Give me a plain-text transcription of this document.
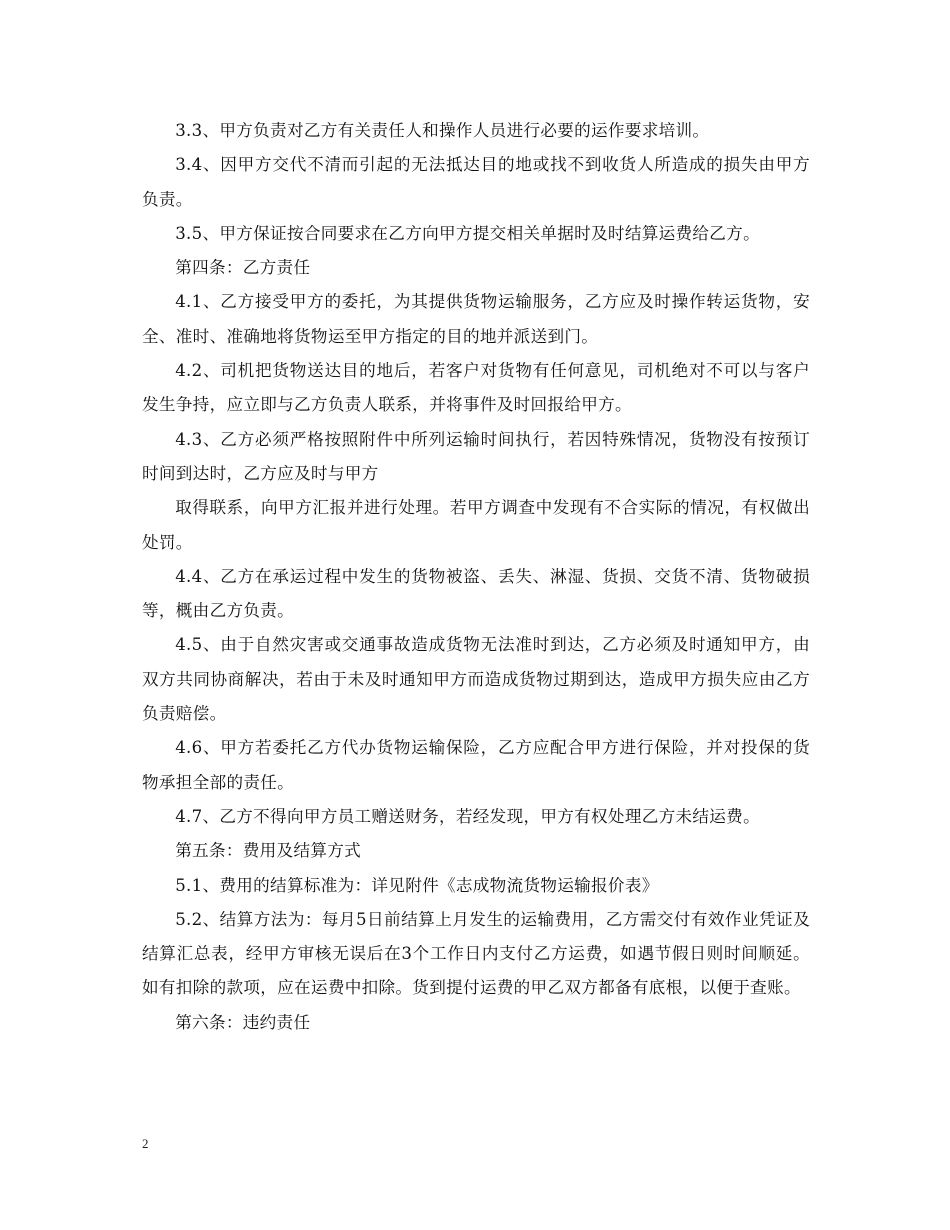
3.3、甲方负责对乙方有关责任人和操作人员进行必要的运作要求培训。

3.4、因甲方交代不清而引起的无法抵达目的地或找不到收货人所造成的损失由甲方负责。

3.5、甲方保证按合同要求在乙方向甲方提交相关单据时及时结算运费给乙方。

第四条：乙方责任

4.1、乙方接受甲方的委托，为其提供货物运输服务，乙方应及时操作转运货物，安全、准时、准确地将货物运至甲方指定的目的地并派送到门。

4.2、司机把货物送达目的地后，若客户对货物有任何意见，司机绝对不可以与客户发生争持，应立即与乙方负责人联系，并将事件及时回报给甲方。

4.3、乙方必须严格按照附件中所列运输时间执行，若因特殊情况，货物没有按预订时间到达时，乙方应及时与甲方

取得联系，向甲方汇报并进行处理。若甲方调查中发现有不合实际的情况，有权做出处罚。

4.4、乙方在承运过程中发生的货物被盗、丢失、淋湿、货损、交货不清、货物破损等，概由乙方负责。

4.5、由于自然灾害或交通事故造成货物无法准时到达，乙方必须及时通知甲方，由双方共同协商解决，若由于未及时通知甲方而造成货物过期到达，造成甲方损失应由乙方负责赔偿。

4.6、甲方若委托乙方代办货物运输保险，乙方应配合甲方进行保险，并对投保的货物承担全部的责任。

4.7、乙方不得向甲方员工赠送财务，若经发现，甲方有权处理乙方未结运费。

第五条：费用及结算方式

5.1、费用的结算标准为：详见附件《志成物流货物运输报价表》

5.2、结算方法为：每月5日前结算上月发生的运输费用，乙方需交付有效作业凭证及结算汇总表，经甲方审核无误后在3个工作日内支付乙方运费，如遇节假日则时间顺延。如有扣除的款项，应在运费中扣除。货到提付运费的甲乙双方都备有底根，以便于查账。

第六条：违约责任

2
